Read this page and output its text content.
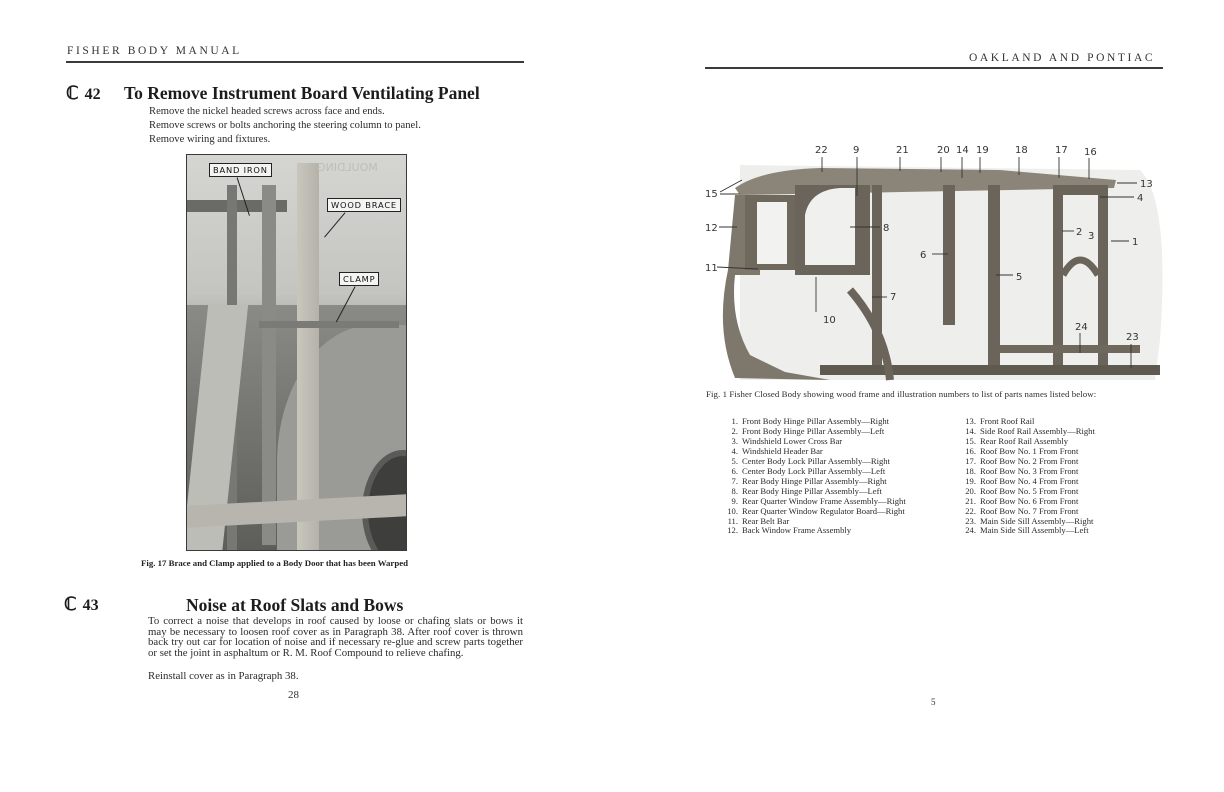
FISHER BODY MANUAL
ℂ 42 To Remove Instrument Board Ventilating Panel
Remove the nickel headed screws across face and ends.
Remove screws or bolts anchoring the steering column to panel.
Remove wiring and fixtures.
MOULDING
BAND IRON
WOOD BRACE
CLAMP
Fig. 17 Brace and Clamp applied to a Body Door that has been Warped
ℂ 43	Noise at Roof Slats and Bows
To correct a noise that develops in roof caused by loose or chafing slats or bows it may be necessary to loosen roof cover as in Paragraph 38. After roof cover is thrown back try out car for location of noise and if necessary re-glue and screw parts together or set the joint in asphaltum or R. M. Roof Compound to relieve chafing.
Reinstall cover as in Paragraph 38.
28
OAKLAND AND PONTIAC
22	9	21	20 14 19	18	17 16
15
12
11
13
4
1
8
6
2 3
5
7
10
24
23
Fig. 1 Fisher Closed Body showing wood frame and illustration numbers to list of parts names listed below:
1. Front Body Hinge Pillar Assembly—Right
2. Front Body Hinge Pillar Assembly—Left
3. Windshield Lower Cross Bar
4. Windshield Header Bar
5. Center Body Lock Pillar Assembly—Right
6. Center Body Lock Pillar Assembly—Left
7. Rear Body Hinge Pillar Assembly—Right
8. Rear Body Hinge Pillar Assembly—Left
9. Rear Quarter Window Frame Assembly—Right
10. Rear Quarter Window Regulator Board—Right
11. Rear Belt Bar
12. Back Window Frame Assembly
13. Front Roof Rail
14. Side Roof Rail Assembly—Right
15. Rear Roof Rail Assembly
16. Roof Bow No. 1 From Front
17. Roof Bow No. 2 From Front
18. Roof Bow No. 3 From Front
19. Roof Bow No. 4 From Front
20. Roof Bow No. 5 From Front
21. Roof Bow No. 6 From Front
22. Roof Bow No. 7 From Front
23. Main Side Sill Assembly—Right
24. Main Side Sill Assembly—Left
5
